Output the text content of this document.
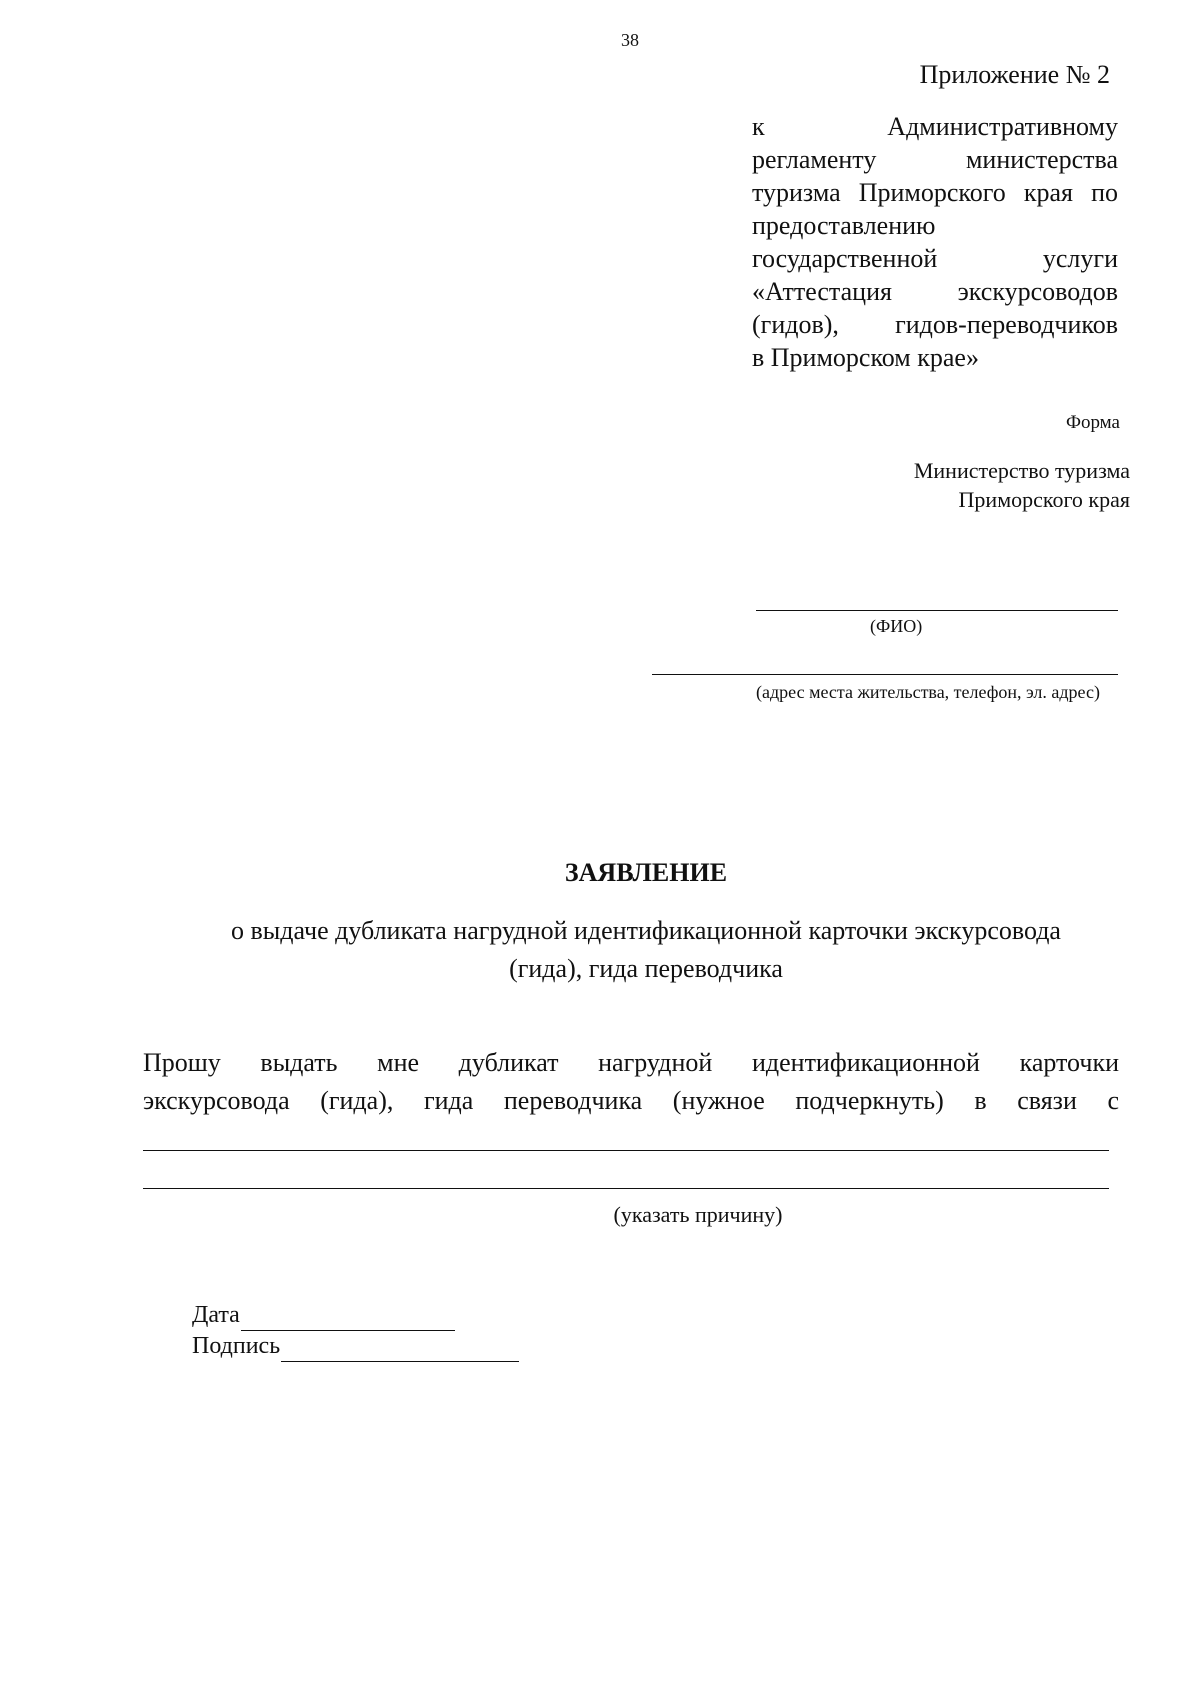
38
Приложение № 2
к Административному
регламенту министерства
туризма Приморского края по
предоставлению
государственной услуги
«Аттестация экскурсоводов
(гидов), гидов-переводчиков
в Приморском крае»
Форма
Министерство туризма
Приморского края
(ФИО)
(адрес места жительства, телефон, эл. адрес)
ЗАЯВЛЕНИЕ
о выдаче дубликата нагрудной идентификационной карточки экскурсовода
(гида), гида переводчика
Прошу выдать мне дубликат нагрудной идентификационной карточки
экскурсовода (гида), гида переводчика (нужное подчеркнуть) в связи с
(указать причину)
Дата
Подпись
